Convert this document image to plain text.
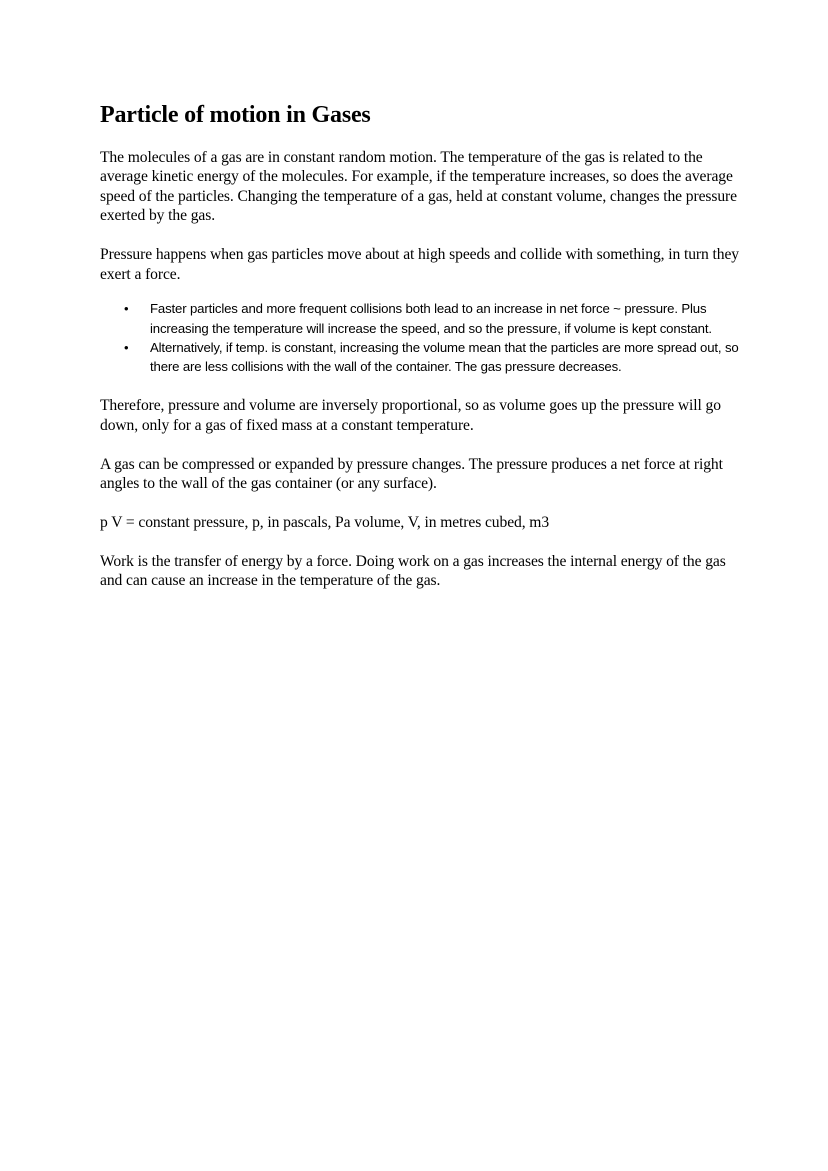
Particle of motion in Gases

The molecules of a gas are in constant random motion. The temperature of the gas is related to the average kinetic energy of the molecules. For example, if the temperature increases, so does the average speed of the particles. Changing the temperature of a gas, held at constant volume, changes the pressure exerted by the gas.

Pressure happens when gas particles move about at high speeds and collide with something, in turn they exert a force.

• Faster particles and more frequent collisions both lead to an increase in net force ~ pressure. Plus increasing the temperature will increase the speed, and so the pressure, if volume is kept constant.
• Alternatively, if temp. is constant, increasing the volume mean that the particles are more spread out, so there are less collisions with the wall of the container. The gas pressure decreases.

Therefore, pressure and volume are inversely proportional, so as volume goes up the pressure will go down, only for a gas of fixed mass at a constant temperature.

A gas can be compressed or expanded by pressure changes. The pressure produces a net force at right angles to the wall of the gas container (or any surface).

p V = constant pressure, p, in pascals, Pa volume, V, in metres cubed, m3

Work is the transfer of energy by a force. Doing work on a gas increases the internal energy of the gas and can cause an increase in the temperature of the gas.
